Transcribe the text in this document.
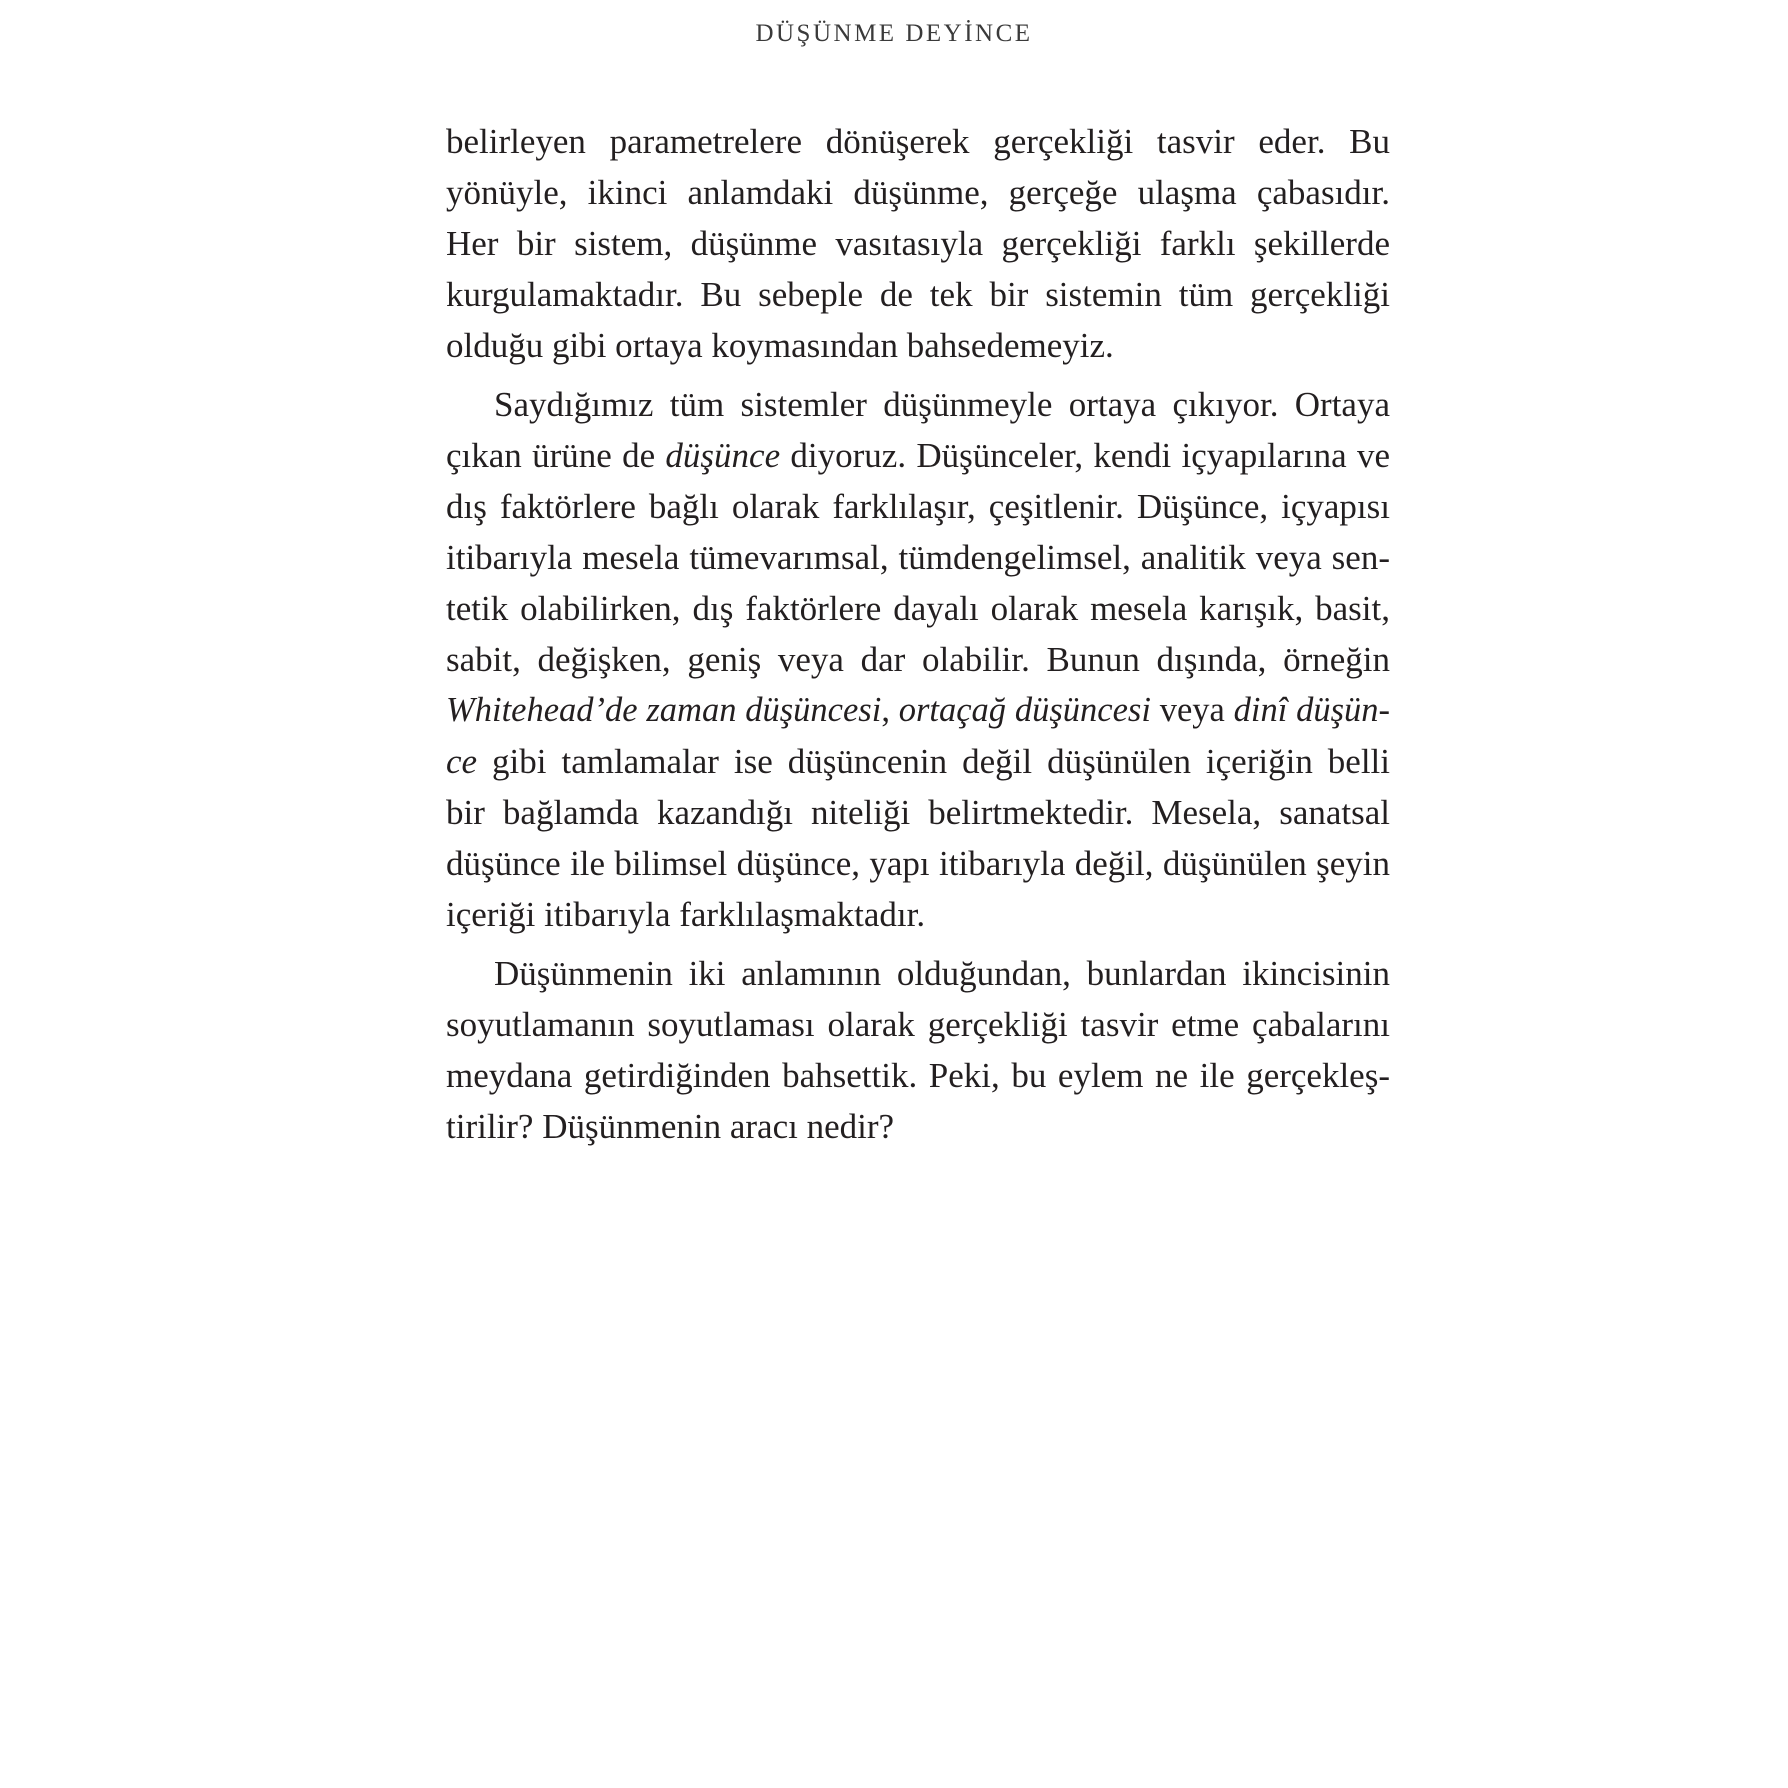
DÜŞÜNME DEYİNCE
belirleyen parametrelere dönüşerek gerçekliği tasvir eder. Bu
yönüyle, ikinci anlamdaki düşünme, gerçeğe ulaşma çabasıdır.
Her bir sistem, düşünme vasıtasıyla gerçekliği farklı şekillerde
kurgulamaktadır. Bu sebeple de tek bir sistemin tüm gerçekliği
olduğu gibi ortaya koymasından bahsedemeyiz.
Saydığımız tüm sistemler düşünmeyle ortaya çıkıyor. Ortaya
çıkan ürüne de düşünce diyoruz. Düşünceler, kendi içyapılarına ve
dış faktörlere bağlı olarak farklılaşır, çeşitlenir. Düşünce, içyapısı
itibarıyla mesela tümevarımsal, tümdengelimsel, analitik veya sen-
tetik olabilirken, dış faktörlere dayalı olarak mesela karışık, basit,
sabit, değişken, geniş veya dar olabilir. Bunun dışında, örneğin
Whitehead’de zaman düşüncesi, ortaçağ düşüncesi veya dinî düşün-
ce gibi tamlamalar ise düşüncenin değil düşünülen içeriğin belli
bir bağlamda kazandığı niteliği belirtmektedir. Mesela, sanatsal
düşünce ile bilimsel düşünce, yapı itibarıyla değil, düşünülen şeyin
içeriği itibarıyla farklılaşmaktadır.
Düşünmenin iki anlamının olduğundan, bunlardan ikincisinin
soyutlamanın soyutlaması olarak gerçekliği tasvir etme çabalarını
meydana getirdiğinden bahsettik. Peki, bu eylem ne ile gerçekleş-
tirilir? Düşünmenin aracı nedir?
